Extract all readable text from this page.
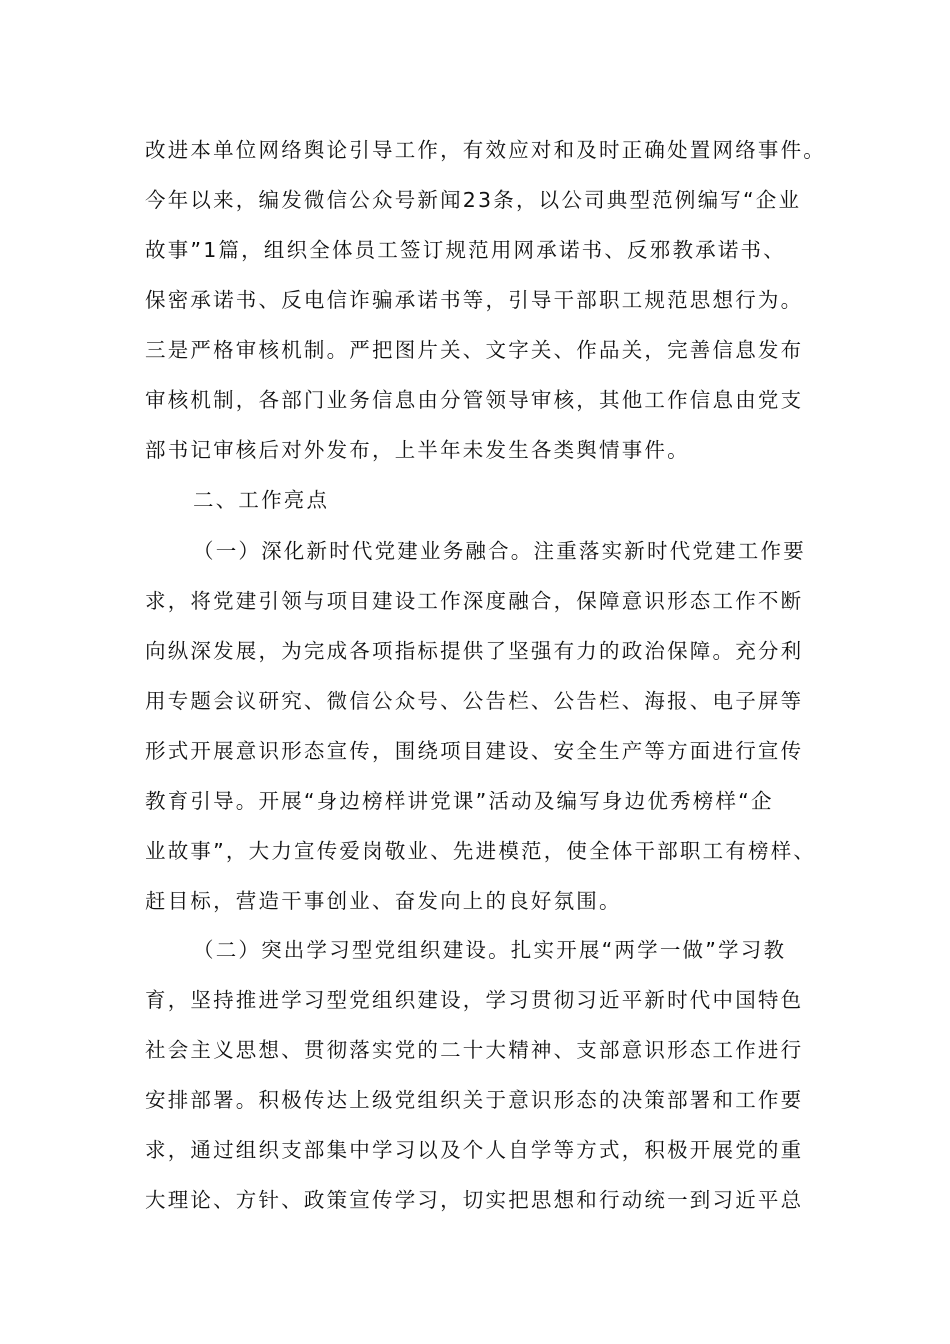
改进本单位网络舆论引导工作，有效应对和及时正确处置网络事件。
今年以来，编发微信公众号新闻23条，以公司典型范例编写“企业
故事”1篇，组织全体员工签订规范用网承诺书、反邪教承诺书、
保密承诺书、反电信诈骗承诺书等，引导干部职工规范思想行为。
三是严格审核机制。严把图片关、文字关、作品关，完善信息发布
审核机制，各部门业务信息由分管领导审核，其他工作信息由党支
部书记审核后对外发布，上半年未发生各类舆情事件。
二、工作亮点
（一）深化新时代党建业务融合。注重落实新时代党建工作要
求，将党建引领与项目建设工作深度融合，保障意识形态工作不断
向纵深发展，为完成各项指标提供了坚强有力的政治保障。充分利
用专题会议研究、微信公众号、公告栏、公告栏、海报、电子屏等
形式开展意识形态宣传，围绕项目建设、安全生产等方面进行宣传
教育引导。开展“身边榜样讲党课”活动及编写身边优秀榜样“企
业故事”，大力宣传爱岗敬业、先进模范，使全体干部职工有榜样、
赶目标，营造干事创业、奋发向上的良好氛围。
（二）突出学习型党组织建设。扎实开展“两学一做”学习教
育，坚持推进学习型党组织建设，学习贯彻习近平新时代中国特色
社会主义思想、贯彻落实党的二十大精神、支部意识形态工作进行
安排部署。积极传达上级党组织关于意识形态的决策部署和工作要
求，通过组织支部集中学习以及个人自学等方式，积极开展党的重
大理论、方针、政策宣传学习，切实把思想和行动统一到习近平总
